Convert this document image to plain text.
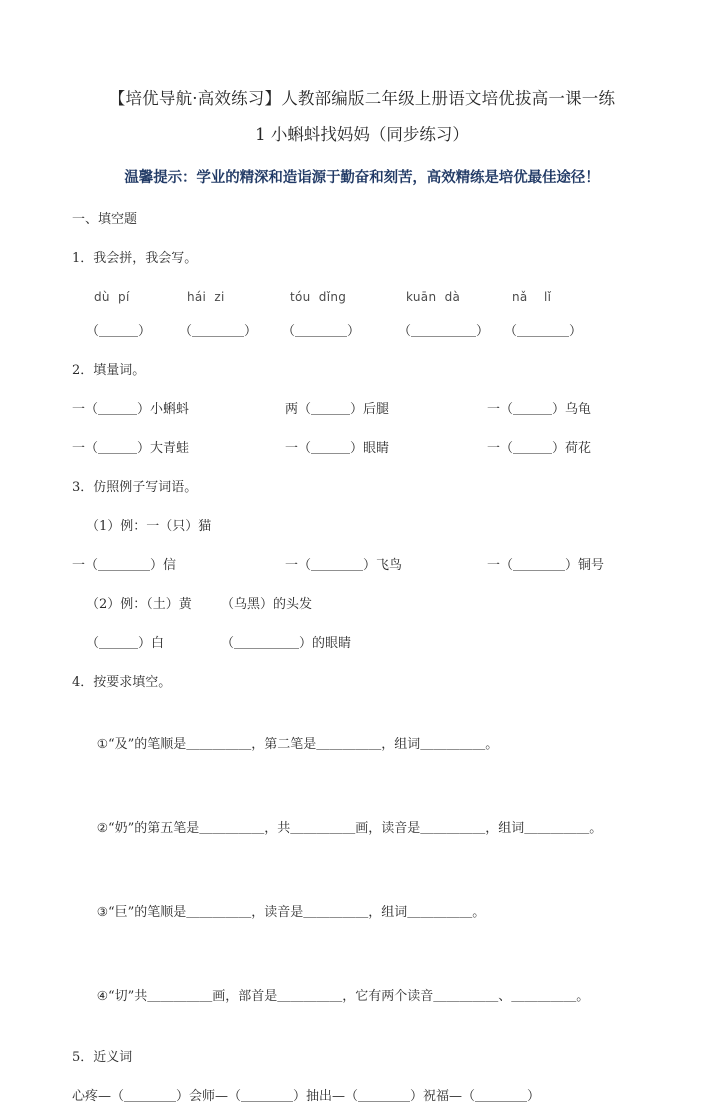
【培优导航·高效练习】人教部编版二年级上册语文培优拔高一课一练
1 小蝌蚪找妈妈（同步练习）
温馨提示：学业的精深和造诣源于勤奋和刻苦，高效精练是培优最佳途径！
一、填空题
1．我会拼，我会写。
dù  pí	hái  zi	tóu  dǐng	kuān  dà	nǎ    lǐ
（＿＿＿）	（＿＿＿＿）	（＿＿＿＿）	（＿＿＿＿＿）	（＿＿＿＿）
2．填量词。
一（＿＿＿）小蝌蚪	两（＿＿＿）后腿	一（＿＿＿）乌龟
一（＿＿＿）大青蛙	一（＿＿＿）眼睛	一（＿＿＿）荷花
3．仿照例子写词语。
（1）例：一（只）猫
一（＿＿＿＿）信	一（＿＿＿＿）飞鸟	一（＿＿＿＿）铜号
（2）例：（土）黄	（乌黑）的头发
（＿＿＿）白	（＿＿＿＿＿）的眼睛
4．按要求填空。

①“及”的笔顺是＿＿＿＿＿，第二笔是＿＿＿＿＿，组词＿＿＿＿＿。

②“奶”的第五笔是＿＿＿＿＿，共＿＿＿＿＿画，读音是＿＿＿＿＿，组词＿＿＿＿＿。

③“巨”的笔顺是＿＿＿＿＿，读音是＿＿＿＿＿，组词＿＿＿＿＿。

④“切”共＿＿＿＿＿画，部首是＿＿＿＿＿，它有两个读音＿＿＿＿＿、＿＿＿＿＿。

5．近义词
心疼—（＿＿＿＿）会师—（＿＿＿＿）抽出—（＿＿＿＿）祝福—（＿＿＿＿）
